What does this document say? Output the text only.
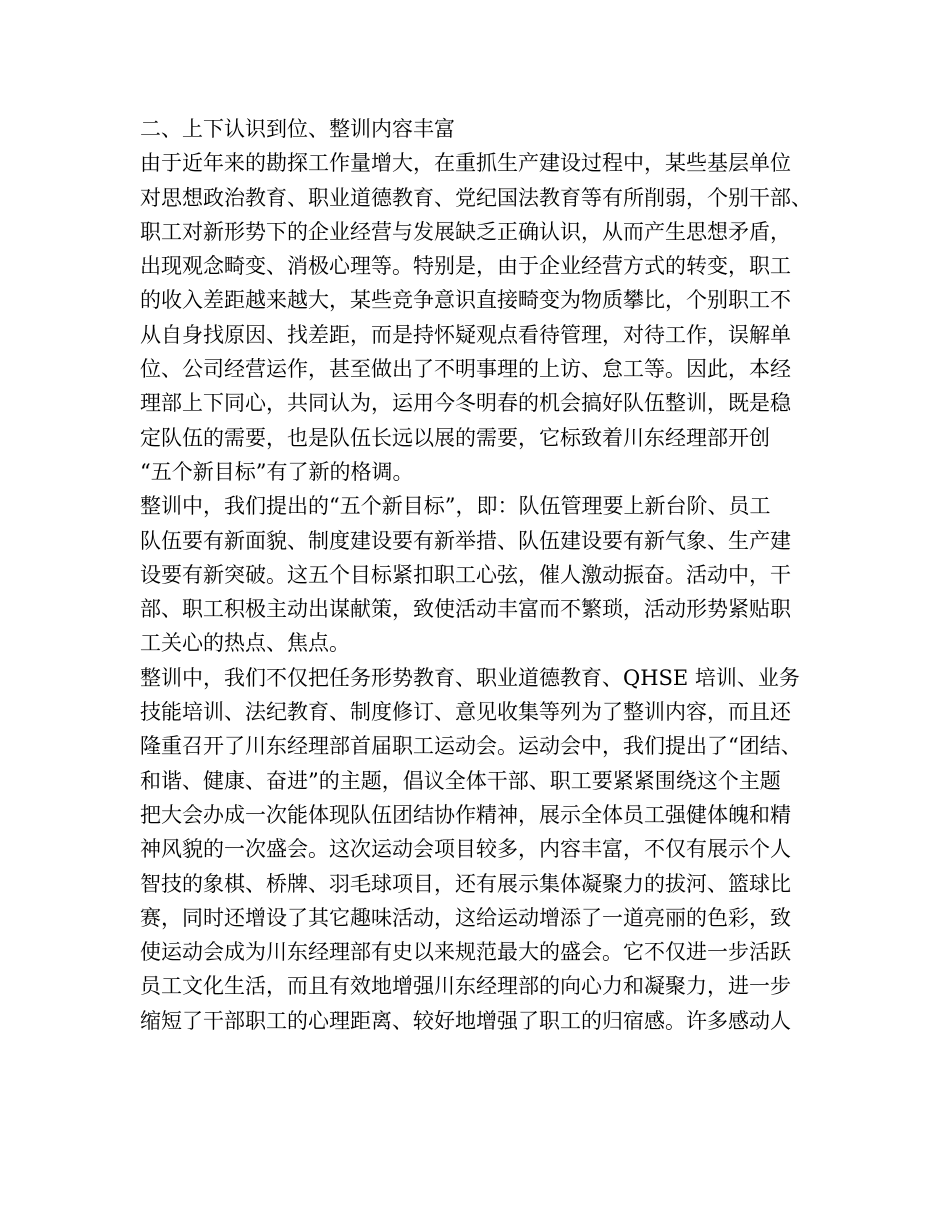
二、上下认识到位、整训内容丰富
由于近年来的勘探工作量增大，在重抓生产建设过程中，某些基层单位
对思想政治教育、职业道德教育、党纪国法教育等有所削弱，个别干部、
职工对新形势下的企业经营与发展缺乏正确认识，从而产生思想矛盾，
出现观念畸变、消极心理等。特别是，由于企业经营方式的转变，职工
的收入差距越来越大，某些竞争意识直接畸变为物质攀比，个别职工不
从自身找原因、找差距，而是持怀疑观点看待管理，对待工作，误解单
位、公司经营运作，甚至做出了不明事理的上访、怠工等。因此，本经
理部上下同心，共同认为，运用今冬明春的机会搞好队伍整训，既是稳
定队伍的需要，也是队伍长远以展的需要，它标致着川东经理部开创
“五个新目标”有了新的格调。
整训中，我们提出的“五个新目标”，即：队伍管理要上新台阶、员工
队伍要有新面貌、制度建设要有新举措、队伍建设要有新气象、生产建
设要有新突破。这五个目标紧扣职工心弦，催人激动振奋。活动中，干
部、职工积极主动出谋献策，致使活动丰富而不繁琐，活动形势紧贴职
工关心的热点、焦点。
整训中，我们不仅把任务形势教育、职业道德教育、QHSE 培训、业务
技能培训、法纪教育、制度修订、意见收集等列为了整训内容，而且还
隆重召开了川东经理部首届职工运动会。运动会中，我们提出了“团结、
和谐、健康、奋进”的主题，倡议全体干部、职工要紧紧围绕这个主题
把大会办成一次能体现队伍团结协作精神，展示全体员工强健体魄和精
神风貌的一次盛会。这次运动会项目较多，内容丰富，不仅有展示个人
智技的象棋、桥牌、羽毛球项目，还有展示集体凝聚力的拔河、篮球比
赛，同时还增设了其它趣味活动，这给运动增添了一道亮丽的色彩，致
使运动会成为川东经理部有史以来规范最大的盛会。它不仅进一步活跃
员工文化生活，而且有效地增强川东经理部的向心力和凝聚力，进一步
缩短了干部职工的心理距离、较好地增强了职工的归宿感。许多感动人
